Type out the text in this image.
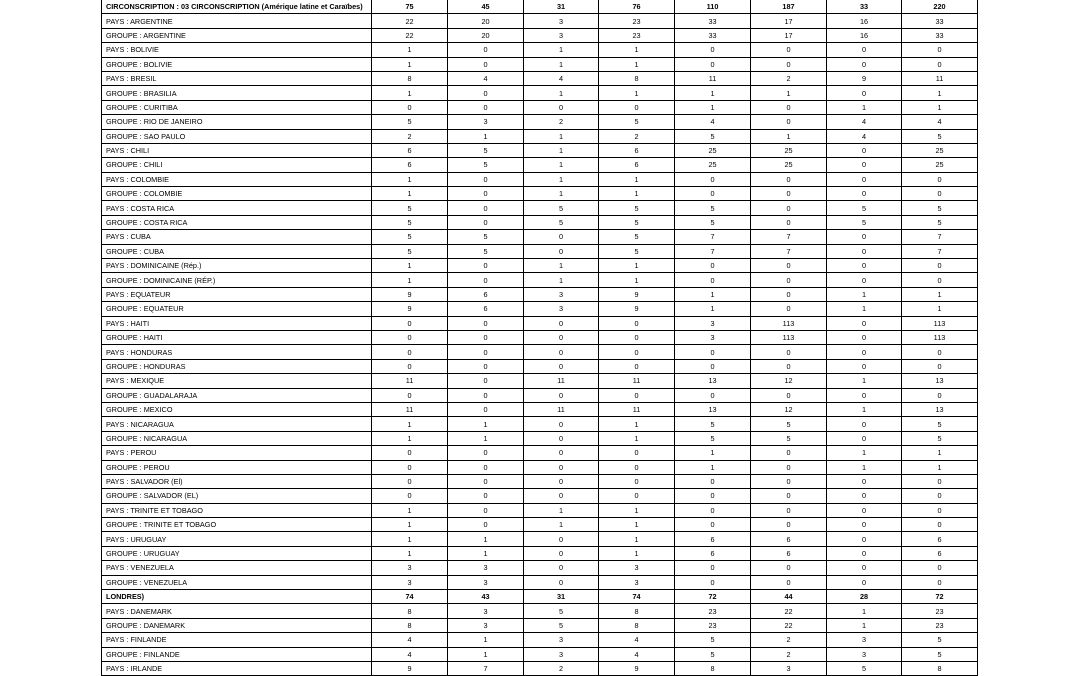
CIRCONSCRIPTION : 03 CIRCONSCRIPTION (Amérique latine et Caraïbes)	75	45	31	76	110	187	33	220
PAYS : ARGENTINE	22	20	3	23	33	17	16	33
GROUPE : ARGENTINE	22	20	3	23	33	17	16	33
PAYS : BOLIVIE	1	0	1	1	0	0	0	0
GROUPE : BOLIVIE	1	0	1	1	0	0	0	0
PAYS : BRESIL	8	4	4	8	11	2	9	11
GROUPE : BRASILIA	1	0	1	1	1	1	0	1
GROUPE : CURITIBA	0	0	0	0	1	0	1	1
GROUPE : RIO DE JANEIRO	5	3	2	5	4	0	4	4
GROUPE : SAO PAULO	2	1	1	2	5	1	4	5
PAYS : CHILI	6	5	1	6	25	25	0	25
GROUPE : CHILI	6	5	1	6	25	25	0	25
PAYS : COLOMBIE	1	0	1	1	0	0	0	0
GROUPE : COLOMBIE	1	0	1	1	0	0	0	0
PAYS : COSTA RICA	5	0	5	5	5	0	5	5
GROUPE : COSTA RICA	5	0	5	5	5	0	5	5
PAYS : CUBA	5	5	0	5	7	7	0	7
GROUPE : CUBA	5	5	0	5	7	7	0	7
PAYS : DOMINICAINE (Rép.)	1	0	1	1	0	0	0	0
GROUPE : DOMINICAINE (RÉP.)	1	0	1	1	0	0	0	0
PAYS : EQUATEUR	9	6	3	9	1	0	1	1
GROUPE : EQUATEUR	9	6	3	9	1	0	1	1
PAYS : HAITI	0	0	0	0	3	113	0	113
GROUPE : HAITI	0	0	0	0	3	113	0	113
PAYS : HONDURAS	0	0	0	0	0	0	0	0
GROUPE : HONDURAS	0	0	0	0	0	0	0	0
PAYS : MEXIQUE	11	0	11	11	13	12	1	13
GROUPE : GUADALARAJA	0	0	0	0	0	0	0	0
GROUPE : MEXICO	11	0	11	11	13	12	1	13
PAYS : NICARAGUA	1	1	0	1	5	5	0	5
GROUPE : NICARAGUA	1	1	0	1	5	5	0	5
PAYS : PEROU	0	0	0	0	1	0	1	1
GROUPE : PEROU	0	0	0	0	1	0	1	1
PAYS : SALVADOR (El)	0	0	0	0	0	0	0	0
GROUPE : SALVADOR (EL)	0	0	0	0	0	0	0	0
PAYS : TRINITE ET TOBAGO	1	0	1	1	0	0	0	0
GROUPE : TRINITE ET TOBAGO	1	0	1	1	0	0	0	0
PAYS : URUGUAY	1	1	0	1	6	6	0	6
GROUPE : URUGUAY	1	1	0	1	6	6	0	6
PAYS : VENEZUELA	3	3	0	3	0	0	0	0
GROUPE : VENEZUELA	3	3	0	3	0	0	0	0
LONDRES)	74	43	31	74	72	44	28	72
PAYS : DANEMARK	8	3	5	8	23	22	1	23
GROUPE : DANEMARK	8	3	5	8	23	22	1	23
PAYS : FINLANDE	4	1	3	4	5	2	3	5
GROUPE : FINLANDE	4	1	3	4	5	2	3	5
PAYS : IRLANDE	9	7	2	9	8	3	5	8
